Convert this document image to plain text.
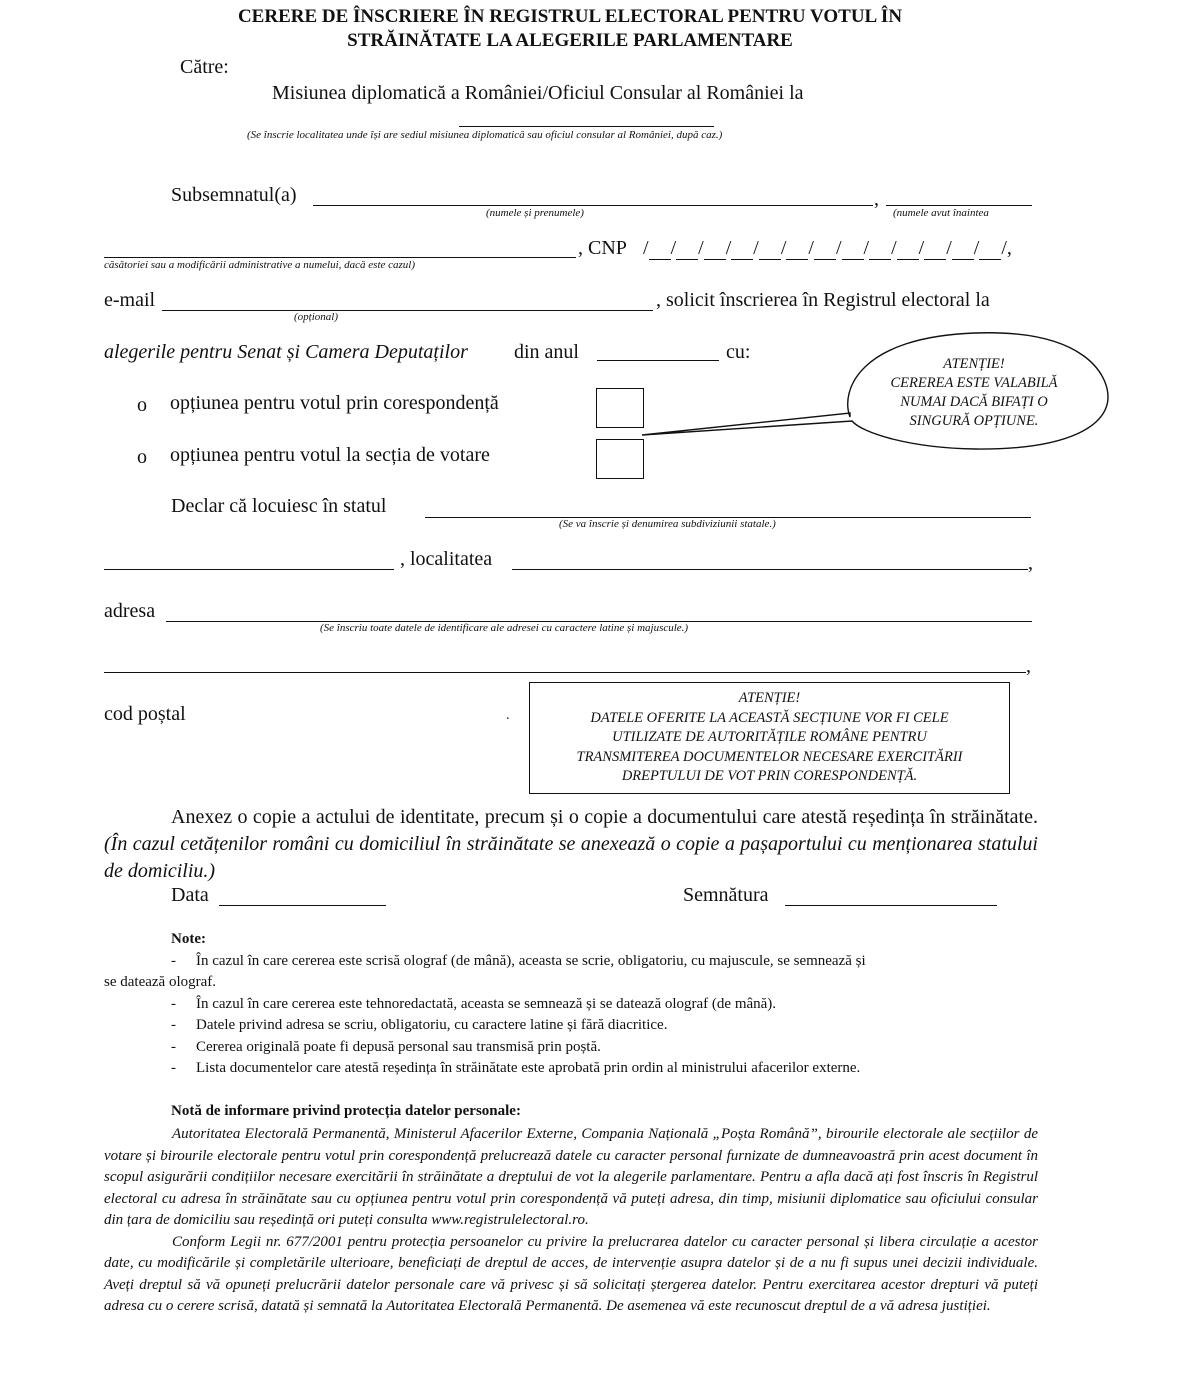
CERERE DE ÎNSCRIERE ÎN REGISTRUL ELECTORAL PENTRU VOTUL ÎN
STRĂINĂTATE LA ALEGERILE PARLAMENTARE
Către:
Misiunea diplomatică a României/Oficiul Consular al României la
(Se înscrie localitatea unde își are sediul misiunea diplomatică sau oficiul consular al României, după caz.)
Subsemnatul(a)	,
(numele și prenumele)	(numele avut înaintea
căsătoriei sau a modificării administrative a numelui, dacă este cazul)
, CNP / / / / / / / / / / / / / /,
e-mail
(opțional)
, solicit înscrierea în Registrul electoral la
alegerile pentru Senat și Camera Deputaților din anul	cu:
o opțiunea pentru votul prin corespondență
o opțiunea pentru votul la secția de votare
ATENȚIE!
CEREREA ESTE VALABILĂ
NUMAI DACĂ BIFAȚI O
SINGURĂ OPȚIUNE.
Declar că locuiesc în statul
(Se va înscrie și denumirea subdiviziunii statale.)
, localitatea	,
adresa
(Se înscriu toate datele de identificare ale adresei cu caractere latine și majuscule.)
,
cod poștal	.
ATENȚIE!
DATELE OFERITE LA ACEASTĂ SECȚIUNE VOR FI CELE
UTILIZATE DE AUTORITĂȚILE ROMÂNE PENTRU
TRANSMITEREA DOCUMENTELOR NECESARE EXERCITĂRII
DREPTULUI DE VOT PRIN CORESPONDENȚĂ.
Anexez o copie a actului de identitate, precum și o copie a documentului care atestă reședința în străinătate. (În cazul cetățenilor români cu domiciliul în străinătate se anexează o copie a pașaportului cu menționarea statului de domiciliu.)
Data	Semnătura
Note:
- În cazul în care cererea este scrisă olograf (de mână), aceasta se scrie, obligatoriu, cu majuscule, se semnează și
se datează olograf.
- În cazul în care cererea este tehnoredactată, aceasta se semnează și se datează olograf (de mână).
- Datele privind adresa se scriu, obligatoriu, cu caractere latine și fără diacritice.
- Cererea originală poate fi depusă personal sau transmisă prin poștă.
- Lista documentelor care atestă reședința în străinătate este aprobată prin ordin al ministrului afacerilor externe.
Notă de informare privind protecția datelor personale:

Autoritatea Electorală Permanentă, Ministerul Afacerilor Externe, Compania Națională „Poșta Română”, birourile electorale ale secțiilor de votare și birourile electorale pentru votul prin corespondență prelucrează datele cu caracter personal furnizate de dumneavoastră prin acest document în scopul asigurării condițiilor necesare exercitării în străinătate a dreptului de vot la alegerile parlamentare. Pentru a afla dacă ați fost înscris în Registrul electoral cu adresa în străinătate sau cu opțiunea pentru votul prin corespondență vă puteți adresa, din timp, misiunii diplomatice sau oficiului consular din țara de domiciliu sau reședință ori puteți consulta www.registrulelectoral.ro.

Conform Legii nr. 677/2001 pentru protecția persoanelor cu privire la prelucrarea datelor cu caracter personal și libera circulație a acestor date, cu modificările și completările ulterioare, beneficiați de dreptul de acces, de intervenție asupra datelor și de a nu fi supus unei decizii individuale. Aveți dreptul să vă opuneți prelucrării datelor personale care vă privesc și să solicitați ștergerea datelor. Pentru exercitarea acestor drepturi vă puteți adresa cu o cerere scrisă, datată și semnată la Autoritatea Electorală Permanentă. De asemenea vă este recunoscut dreptul de a vă adresa justiției.
